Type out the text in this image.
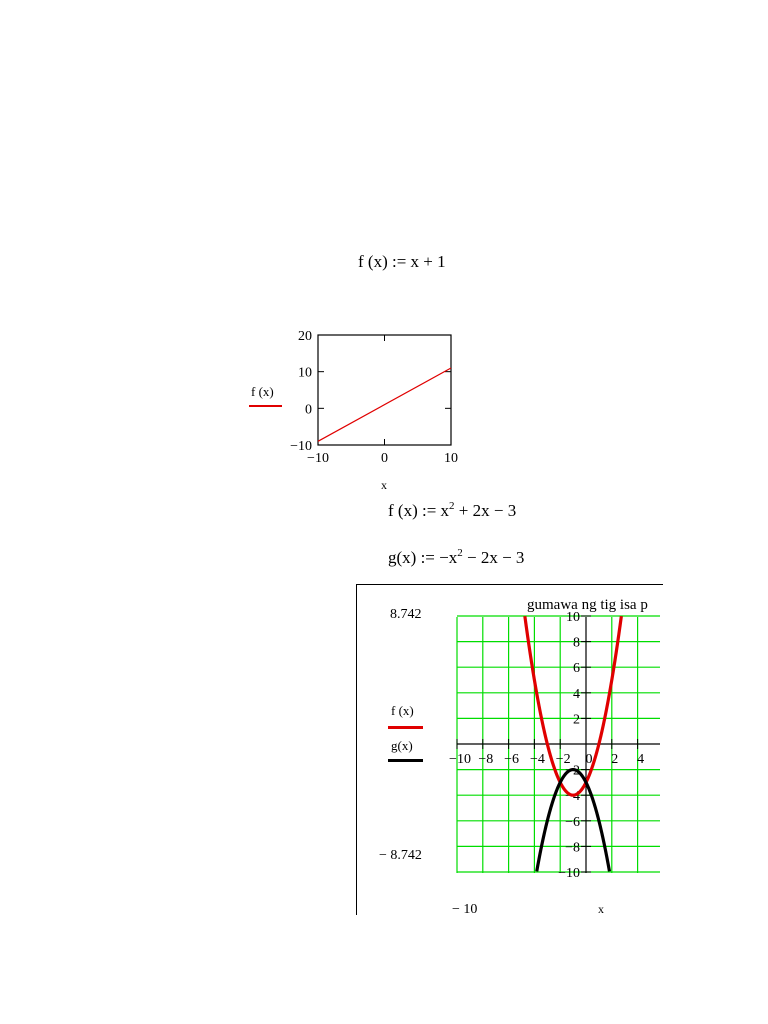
f (x) := x + 1
f (x)
20
10
0
−10
−10	0	10
x
f (x) := $x^2 + 2x - 3$
g(x) := $-x^2 - 2x - 3$
8.742
− 8.742
− 10	x
f (x)
g(x)
−10 −8 −6 −4 −2 0 2 4
10
8
6
4
2
−2
−4
−6
−8
−10
gumawa ng tig isa p
